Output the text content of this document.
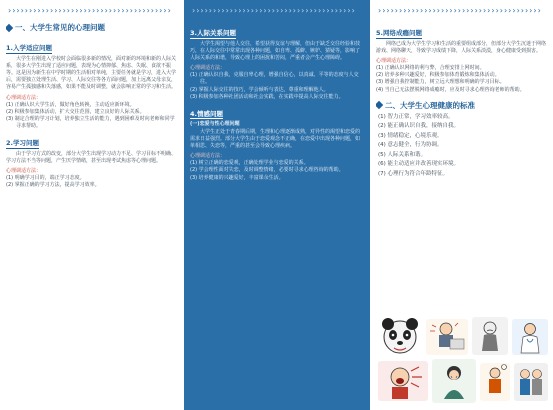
›››››››››››››››››››››››››››››››››››››››
一、大学生常见的心理问题
1.入学适应问题

大学生在刚进入学校时会面临很多新的情况，面对新的环境和新的人际关系，很多大学生出现了适应问题，表现为心情抑郁、焦虑、失眠、食欲不振等。这是因为新生在中学时期的生活相对单纯，主要任务就是学习，进入大学后，需要独立处理生活、学习、人际交往等各方面问题，加上远离父母亲友，容易产生孤独感和失落感，如果不能及时调整，就会影响正常的学习和生活。

心理调适方法：

(1) 正确认识大学生活，做好角色转换，主动适应新环境。

(2) 积极参加集体活动，扩大交往范围，建立良好的人际关系。

(3) 制定合理的学习计划，培养独立生活的能力，遇到困难及时向老师和同学寻求帮助。

2.学习问题

由于学习方式的改变，部分大学生出现学习动力不足、学习目标不明确、学习方法不当等问题，产生厌学情绪，甚至出现考试焦虑等心理问题。

心理调适方法：

(1) 明确学习目的，端正学习态度。

(2) 掌握正确的学习方法，提高学习效率。

›››››››››››››››››››››››››››››››››››››››
3.人际关系问题

大学生渴望与他人交往，希望获得友谊与理解，但由于缺乏交往经验和技巧，在人际交往中常常出现各种问题，如自卑、孤僻、嫉妒、猜疑等，影响了人际关系的和谐，导致心理上的困扰和苦闷，严重者会产生心理障碍。

心理调适方法：

(1) 正确认识自我，克服自卑心理，增强自信心，以真诚、平等的态度与人交往。

(2) 掌握人际交往的技巧，学会倾听与表达，尊重和理解他人。

(3) 积极参加各种社团活动和社会实践，在实践中提高人际交往能力。

4.情感问题
(一)恋爱与性心理问题

大学生正处于青春期后期，生理和心理逐渐成熟，对异性的渴望和恋爱的需求日益强烈。部分大学生由于恋爱观念不正确，在恋爱中出现各种问题，如单相思、失恋等，严重的甚至会导致心理疾病。

心理调适方法：

(1) 树立正确的恋爱观，正确处理学业与恋爱的关系。

(2) 学会理性面对失恋，及时调整情绪，必要时寻求心理咨询的帮助。

(3) 培养健康的兴趣爱好，丰富课余生活。

›››››››››››››››››››››››››››››››››››››››
5.网络成瘾问题

网络已成为大学生学习和生活的重要组成部分，但部分大学生沉迷于网络游戏、网络聊天，导致学习成绩下降，人际关系淡漠，身心健康受到损害。

心理调适方法：

(1) 正确认识网络的利与弊，合理安排上网时间。

(2) 培养多种兴趣爱好，积极参加体育锻炼和集体活动。

(3) 增强自我控制能力，树立远大理想和明确的学习目标。

(4) 当自己无法摆脱网络成瘾时，应及时寻求心理咨询老师的帮助。

二、大学生心理健康的标准

(1) 智力正常，学习效率较高。

(2) 能正确认识自我，接纳自我。

(3) 情绪稳定，心境乐观。

(4) 意志健全，行为协调。

(5) 人际关系和谐。

(6) 能主动适应并改善现实环境。

(7) 心理行为符合年龄特征。
